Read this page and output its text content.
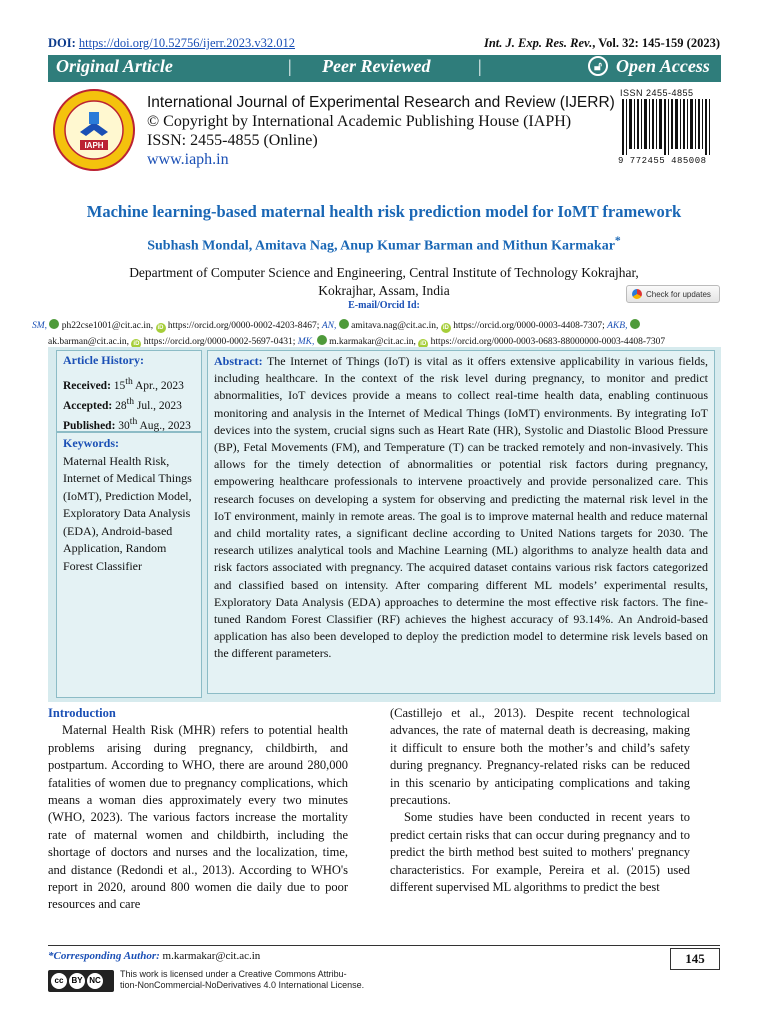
DOI: https://doi.org/10.52756/ijerr.2023.v32.012	Int. J. Exp. Res. Rev., Vol. 32: 145-159 (2023)
Original Article	| Peer Reviewed	|	🔓︎ Open Access
IAPH
International Journal of Experimental Research and Review (IJERR)
© Copyright by International Academic Publishing House (IAPH)
ISSN: 2455-4855 (Online)
www.iaph.in
ISSN 2455-4855
9 772455 485008
Machine learning-based maternal health risk prediction model for IoMT framework
Subhash Mondal, Amitava Nag, Anup Kumar Barman and Mithun Karmakar*
Department of Computer Science and Engineering, Central Institute of Technology Kokrajhar,
Kokrajhar, Assam, India
E-mail/Orcid Id:
Check for updates
SM, ph22cse1001@cit.ac.in, iD https://orcid.org/0000-0002-4203-8467; AN, amitava.nag@cit.ac.in, iD https://orcid.org/0000-0003-4408-7307; AKB,
ak.barman@cit.ac.in, iD https://orcid.org/0000-0002-5697-0431; MK, m.karmakar@cit.ac.in, iD https://orcid.org/0000-0003-0683-88000000-0003-4408-7307
Article History:
Received: 15th Apr., 2023
Accepted: 28th Jul., 2023
Published: 30th Aug., 2023
Keywords:
Maternal Health Risk, Internet of Medical Things (IoMT), Prediction Model, Exploratory Data Analysis (EDA), Android-based Application, Random Forest Classifier
Abstract: The Internet of Things (IoT) is vital as it offers extensive applicability in various fields, including healthcare. In the context of the risk level during pregnancy, to monitor and predict abnormalities, IoT devices provide a means to collect real-time health data, enabling continuous monitoring and analysis in the Internet of Medical Things (IoMT) environments. By integrating IoT devices into the system, crucial signs such as Heart Rate (HR), Systolic and Diastolic Blood Pressure (BP), Fetal Movements (FM), and Temperature (T) can be tracked remotely and non-invasively. This allows for the timely detection of abnormalities or potential risk factors during pregnancy, empowering healthcare professionals to intervene proactively and provide personalized care. This research focuses on developing a system for observing and predicting the maternal risk level in the IoT environment, mainly in remote areas. The goal is to improve maternal health and reduce maternal and child mortality rates, a significant decline according to United Nations targets for 2030. The research utilizes analytical tools and Machine Learning (ML) algorithms to analyze health data and risk factors associated with pregnancy. The acquired dataset contains various risk factors categorized and classified based on intensity. After comparing different ML models’ experimental results, Exploratory Data Analysis (EDA) approaches to determine the most effective risk factors. The fine-tuned Random Forest Classifier (RF) achieves the highest accuracy of 93.14%. An Android-based application has also been developed to deploy the prediction model to determine risk levels based on the different parameters.
Introduction
Maternal Health Risk (MHR) refers to potential health problems arising during pregnancy, childbirth, and postpartum. According to WHO, there are around 280,000 fatalities of women due to pregnancy complications, which means a woman dies approximately every two minutes (WHO, 2023). The various factors increase the mortality rate of maternal women and childbirth, including the shortage of doctors and nurses and the localization, time, and distance (Redondi et al., 2013). According to WHO's report in 2020, around 800 women die daily due to poor resources and care
(Castillejo et al., 2013). Despite recent technological advances, the rate of maternal death is decreasing, making it difficult to ensure both the mother’s and child’s safety during pregnancy. Pregnancy-related risks can be reduced in this scenario by anticipating complications and taking precautions.
Some studies have been conducted in recent years to predict certain risks that can occur during pregnancy and to predict the birth method best suited to mothers' pregnancy characteristics. For example, Pereira et al. (2015) used different supervised ML algorithms to predict the best
*Corresponding Author: m.karmakar@cit.ac.in	145
cc BY NC
This work is licensed under a Creative Commons Attribu-
tion-NonCommercial-NoDerivatives 4.0 International License.
